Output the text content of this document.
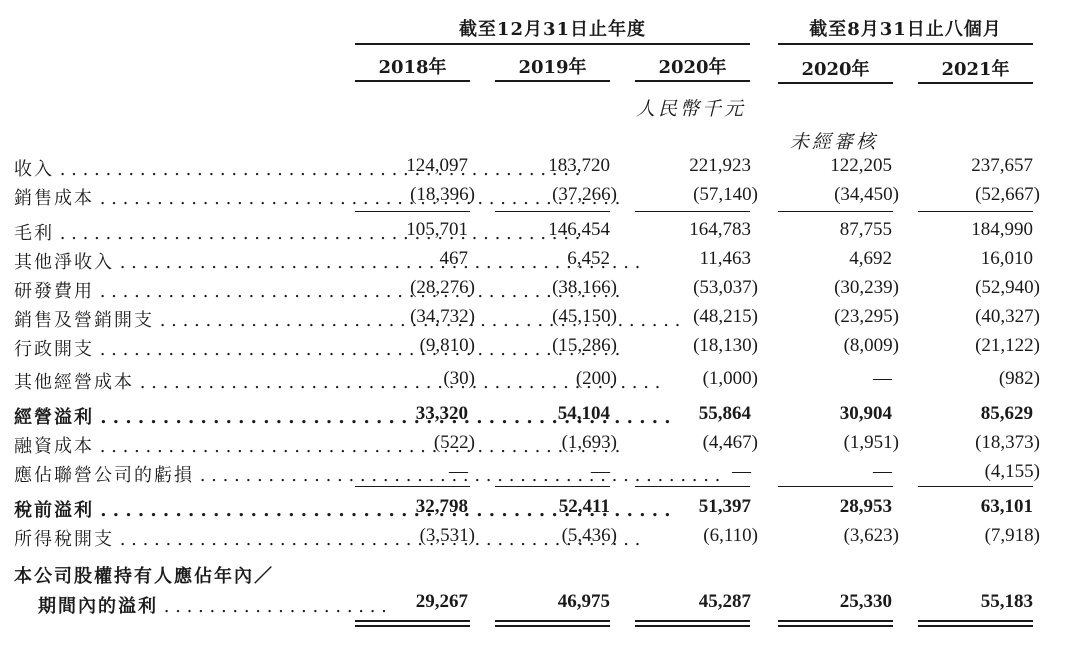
截至12月31日止年度	截至8月31日止八個月
2018年	2019年	2020年	2020年	2021年
人民幣千元
未經審核
收入 . . .	124,097	183,720	221,923	122,205	237,657
銷售成本 . . .	(18,396)	(37,266)	(57,140)	(34,450)	(52,667)
毛利 . . .	105,701	146,454	164,783	87,755	184,990
其他淨收入 . . .	467	6,452	11,463	4,692	16,010
研發費用 . . .	(28,276)	(38,166)	(53,037)	(30,239)	(52,940)
銷售及營銷開支 . . .	(34,732)	(45,150)	(48,215)	(23,295)	(40,327)
行政開支 . . .	(9,810)	(15,286)	(18,130)	(8,009)	(21,122)
其他經營成本 . . .	(30)	(200)	(1,000)	—	(982)
經營溢利 . . .	33,320	54,104	55,864	30,904	85,629
融資成本 . . .	(522)	(1,693)	(4,467)	(1,951)	(18,373)
應佔聯營公司的虧損 . . .	—	—	—	—	(4,155)
稅前溢利 . . .	32,798	52,411	51,397	28,953	63,101
所得稅開支 . . .	(3,531)	(5,436)	(6,110)	(3,623)	(7,918)
本公司股權持有人應佔年內／
期間內的溢利 . . . . . . . . . . . . . . . . . . . .	29,267	46,975	45,287	25,330	55,183
